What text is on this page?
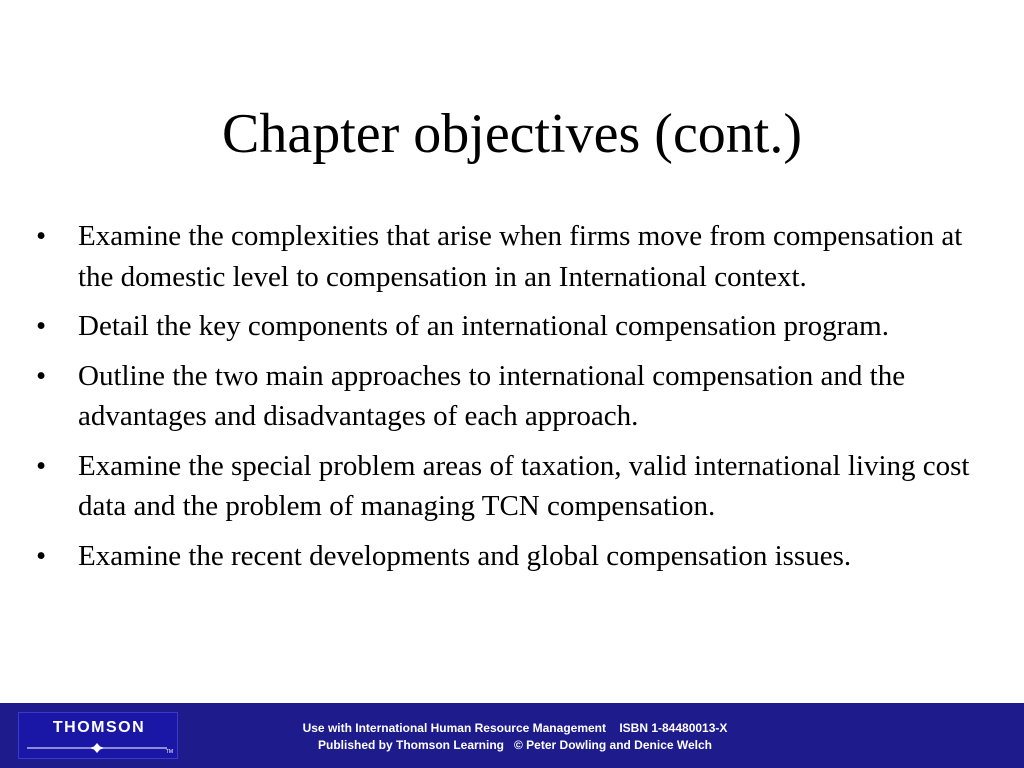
Chapter objectives (cont.)
•	Examine the complexities that arise when firms move from compensation at the domestic level to compensation in an International context.
•	Detail the key components of an international compensation program.
•	Outline the two main approaches to international compensation and the advantages and disadvantages of each approach.
•	Examine the special problem areas of taxation, valid international living cost data and the problem of managing TCN compensation.
•	Examine the recent developments and global compensation issues.
THOMSON
TM
Use with International Human Resource Management    ISBN 1-84480013-X
Published by Thomson Learning   © Peter Dowling and Denice Welch
